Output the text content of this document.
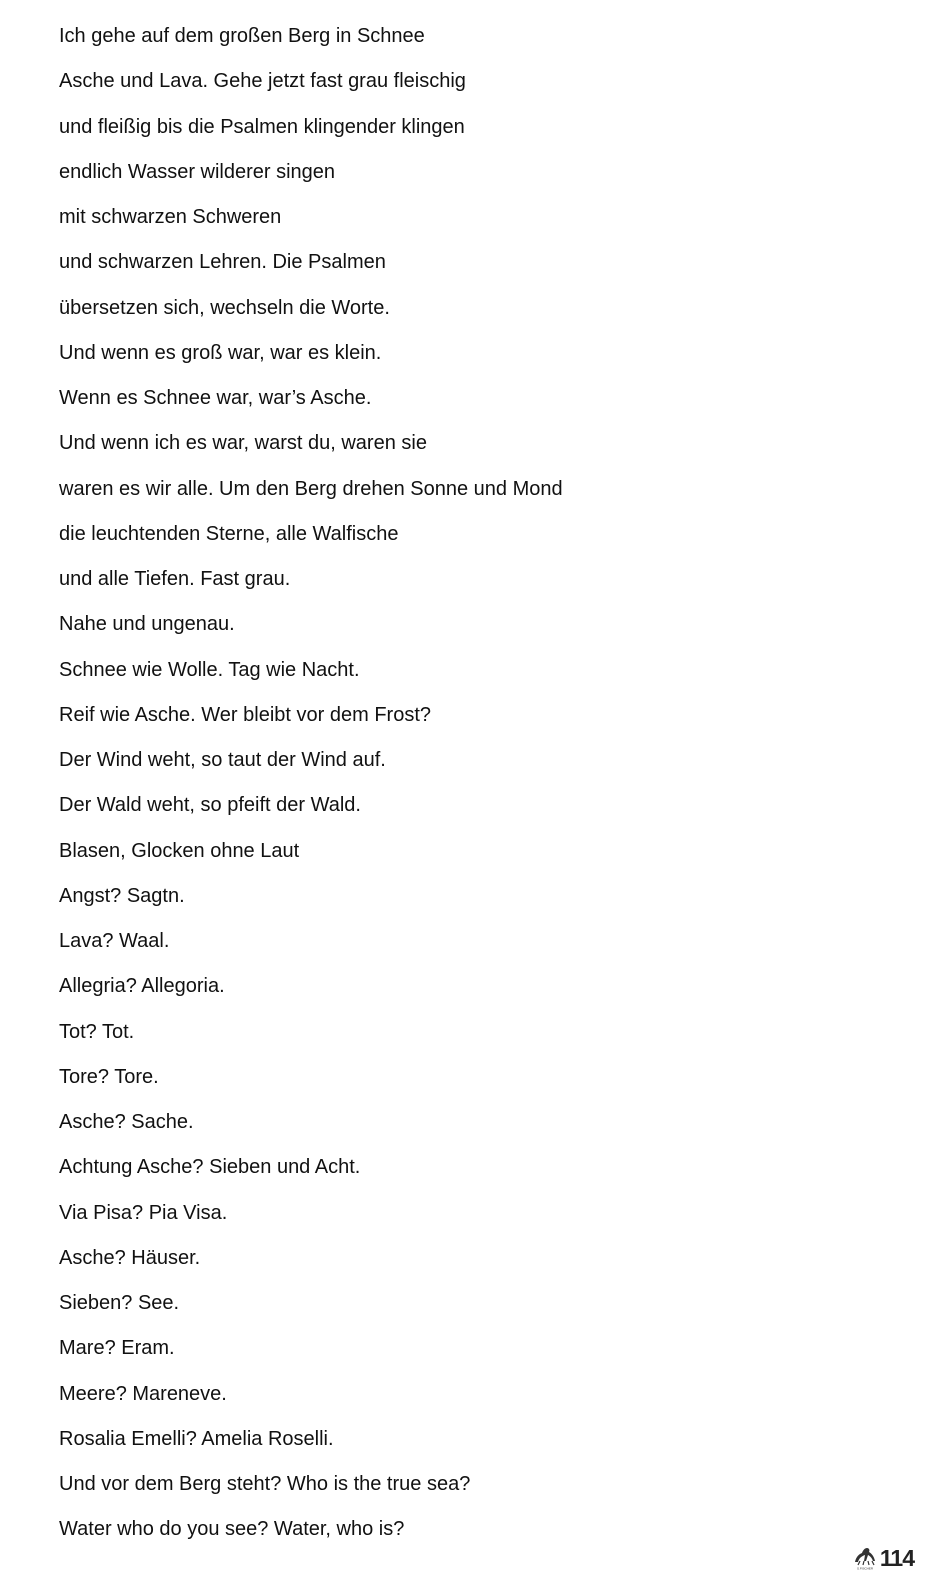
Ich gehe auf dem großen Berg in Schnee
Asche und Lava. Gehe jetzt fast grau fleischig
und fleißig bis die Psalmen klingender klingen
endlich Wasser wilderer singen
mit schwarzen Schweren
und schwarzen Lehren. Die Psalmen
übersetzen sich, wechseln die Worte.
Und wenn es groß war, war es klein.
Wenn es Schnee war, war’s Asche.
Und wenn ich es war, warst du, waren sie
waren es wir alle. Um den Berg drehen Sonne und Mond
die leuchtenden Sterne, alle Walfische
und alle Tiefen. Fast grau.
Nahe und ungenau.
Schnee wie Wolle. Tag wie Nacht.
Reif wie Asche. Wer bleibt vor dem Frost?
Der Wind weht, so taut der Wind auf.
Der Wald weht, so pfeift der Wald.
Blasen, Glocken ohne Laut
Angst? Sagtn.
Lava? Waal.
Allegria? Allegoria.
Tot? Tot.
Tore? Tore.
Asche? Sache.
Achtung Asche? Sieben und Acht.
Via Pisa? Pia Visa.
Asche? Häuser.
Sieben? See.
Mare? Eram.
Meere? Mareneve.
Rosalia Emelli? Amelia Roselli.
Und vor dem Berg steht? Who is the true sea?
Water who do you see? Water, who is?
S.FISCHER 114
